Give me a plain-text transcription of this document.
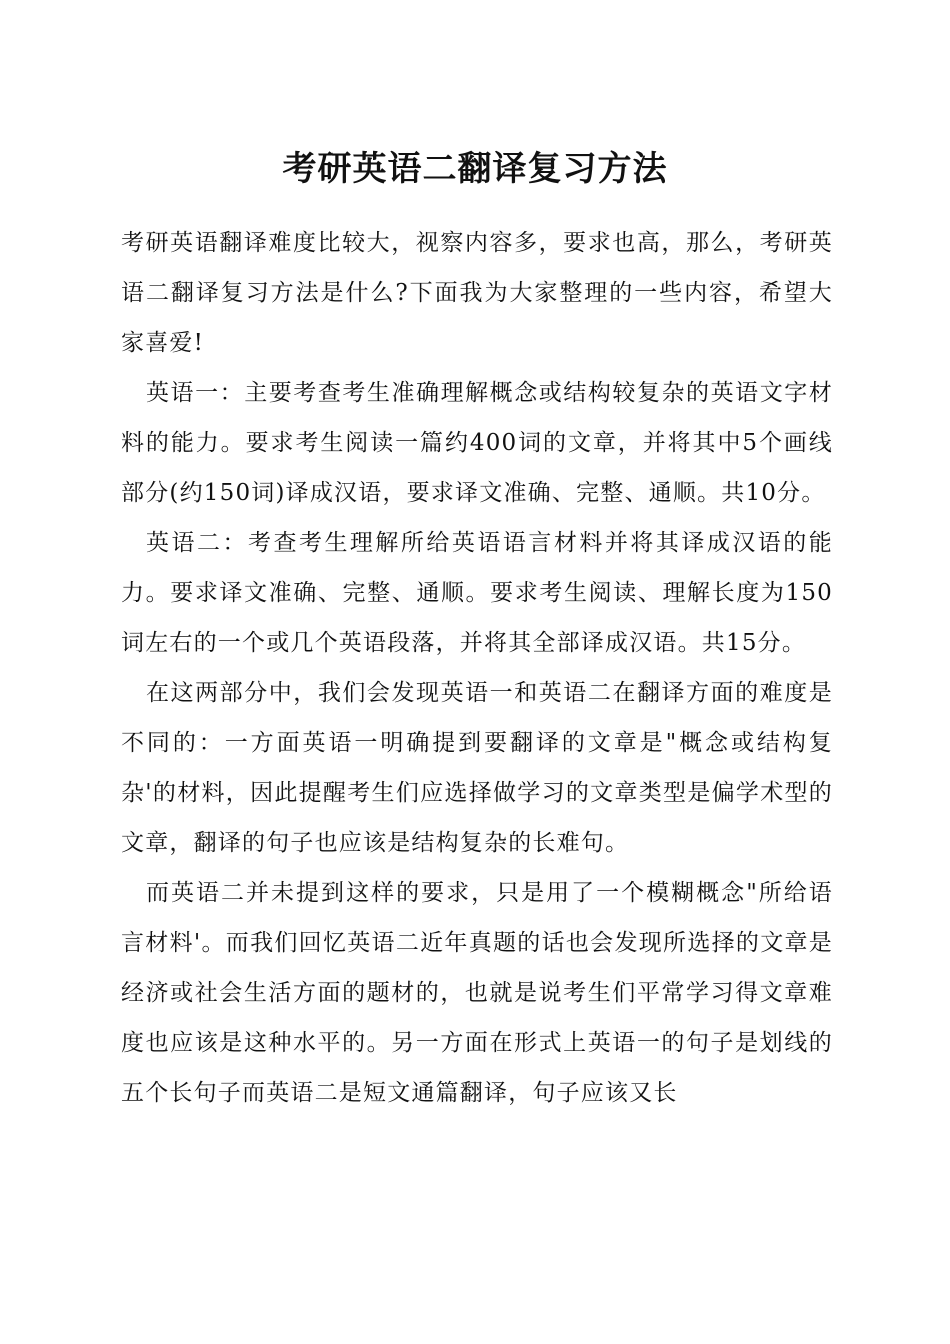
考研英语二翻译复习方法

考研英语翻译难度比较大，视察内容多，要求也高，那么，考研英语二翻译复习方法是什么?下面我为大家整理的一些内容，希望大家喜爱!

英语一：主要考查考生准确理解概念或结构较复杂的英语文字材料的能力。要求考生阅读一篇约400词的文章，并将其中5个画线部分(约150词)译成汉语，要求译文准确、完整、通顺。共10分。

英语二：考查考生理解所给英语语言材料并将其译成汉语的能力。要求译文准确、完整、通顺。要求考生阅读、理解长度为150词左右的一个或几个英语段落，并将其全部译成汉语。共15分。

在这两部分中，我们会发现英语一和英语二在翻译方面的难度是不同的：一方面英语一明确提到要翻译的文章是"概念或结构复杂'的材料，因此提醒考生们应选择做学习的文章类型是偏学术型的文章，翻译的句子也应该是结构复杂的长难句。

而英语二并未提到这样的要求，只是用了一个模糊概念"所给语言材料'。而我们回忆英语二近年真题的话也会发现所选择的文章是经济或社会生活方面的题材的，也就是说考生们平常学习得文章难度也应该是这种水平的。另一方面在形式上英语一的句子是划线的五个长句子而英语二是短文通篇翻译，句子应该又长
